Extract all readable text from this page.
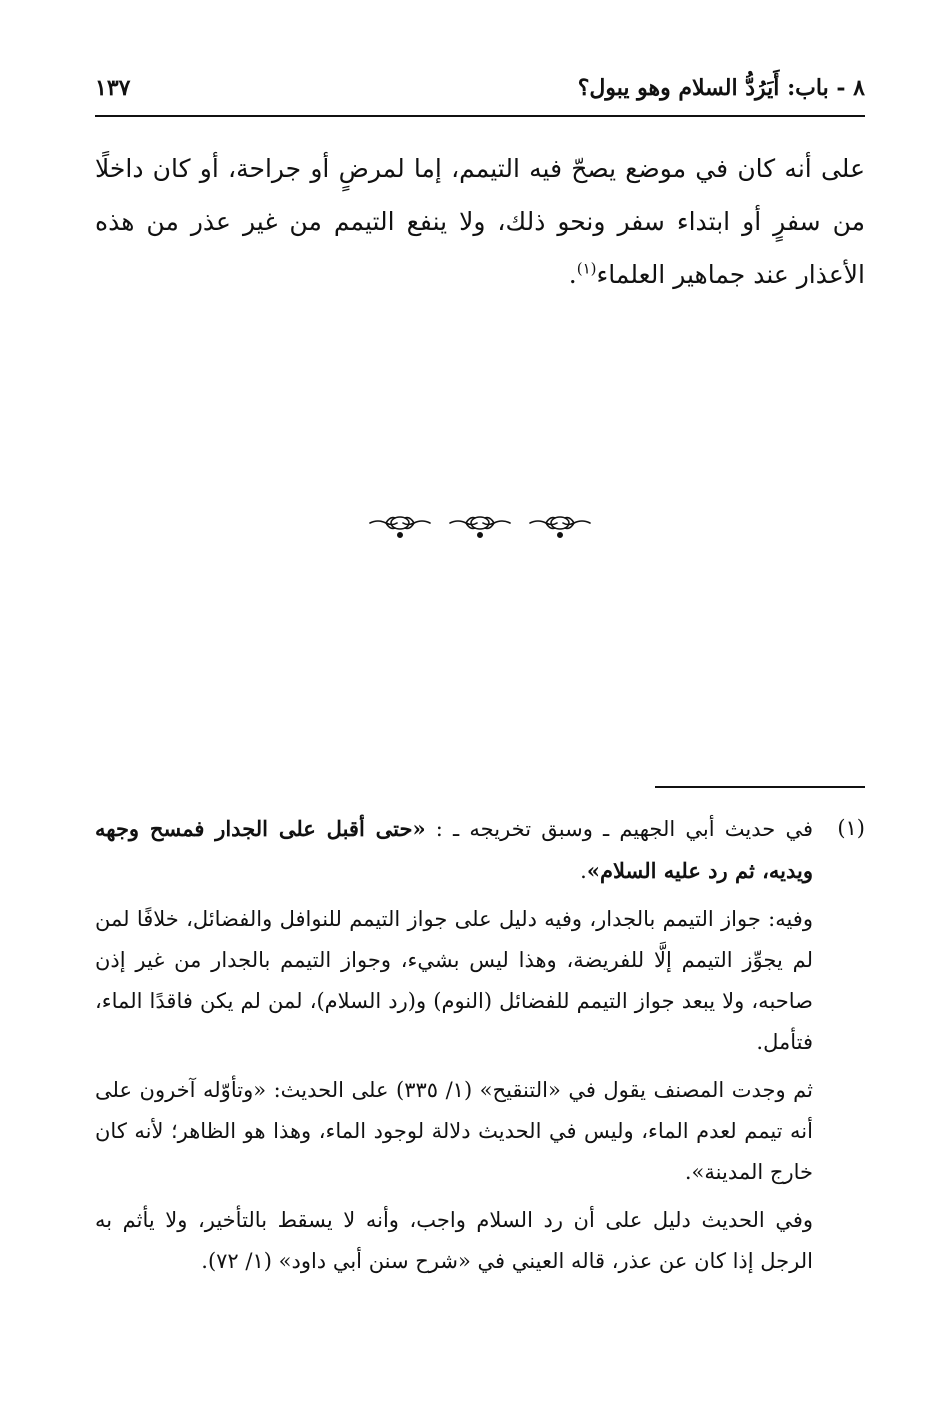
٨ - باب: أَيَرُدُّ السلام وهو يبول؟
١٣٧
على أنه كان في موضع يصحّ فيه التيمم، إما لمرضٍ أو جراحة، أو كان داخلًا من سفرٍ أو ابتداء سفر ونحو ذلك، ولا ينفع التيمم من غير عذر من هذه الأعذار عند جماهير العلماء$^{(١)}$.
(١)

في حديث أبي الجهيم ـ وسبق تخريجه ـ : «حتى أقبل على الجدار فمسح وجهه ويديه، ثم رد عليه السلام».

وفيه: جواز التيمم بالجدار، وفيه دليل على جواز التيمم للنوافل والفضائل، خلافًا لمن لم يجوِّز التيمم إلَّا للفريضة، وهذا ليس بشيء، وجواز التيمم بالجدار من غير إذن صاحبه، ولا يبعد جواز التيمم للفضائل (النوم) و(رد السلام)، لمن لم يكن فاقدًا الماء، فتأمل.

ثم وجدت المصنف يقول في «التنقيح» (١/ ٣٣٥) على الحديث: «وتأوّله آخرون على أنه تيمم لعدم الماء، وليس في الحديث دلالة لوجود الماء، وهذا هو الظاهر؛ لأنه كان خارج المدينة».

وفي الحديث دليل على أن رد السلام واجب، وأنه لا يسقط بالتأخير، ولا يأثم به الرجل إذا كان عن عذر، قاله العيني في «شرح سنن أبي داود» (١/ ٧٢).
